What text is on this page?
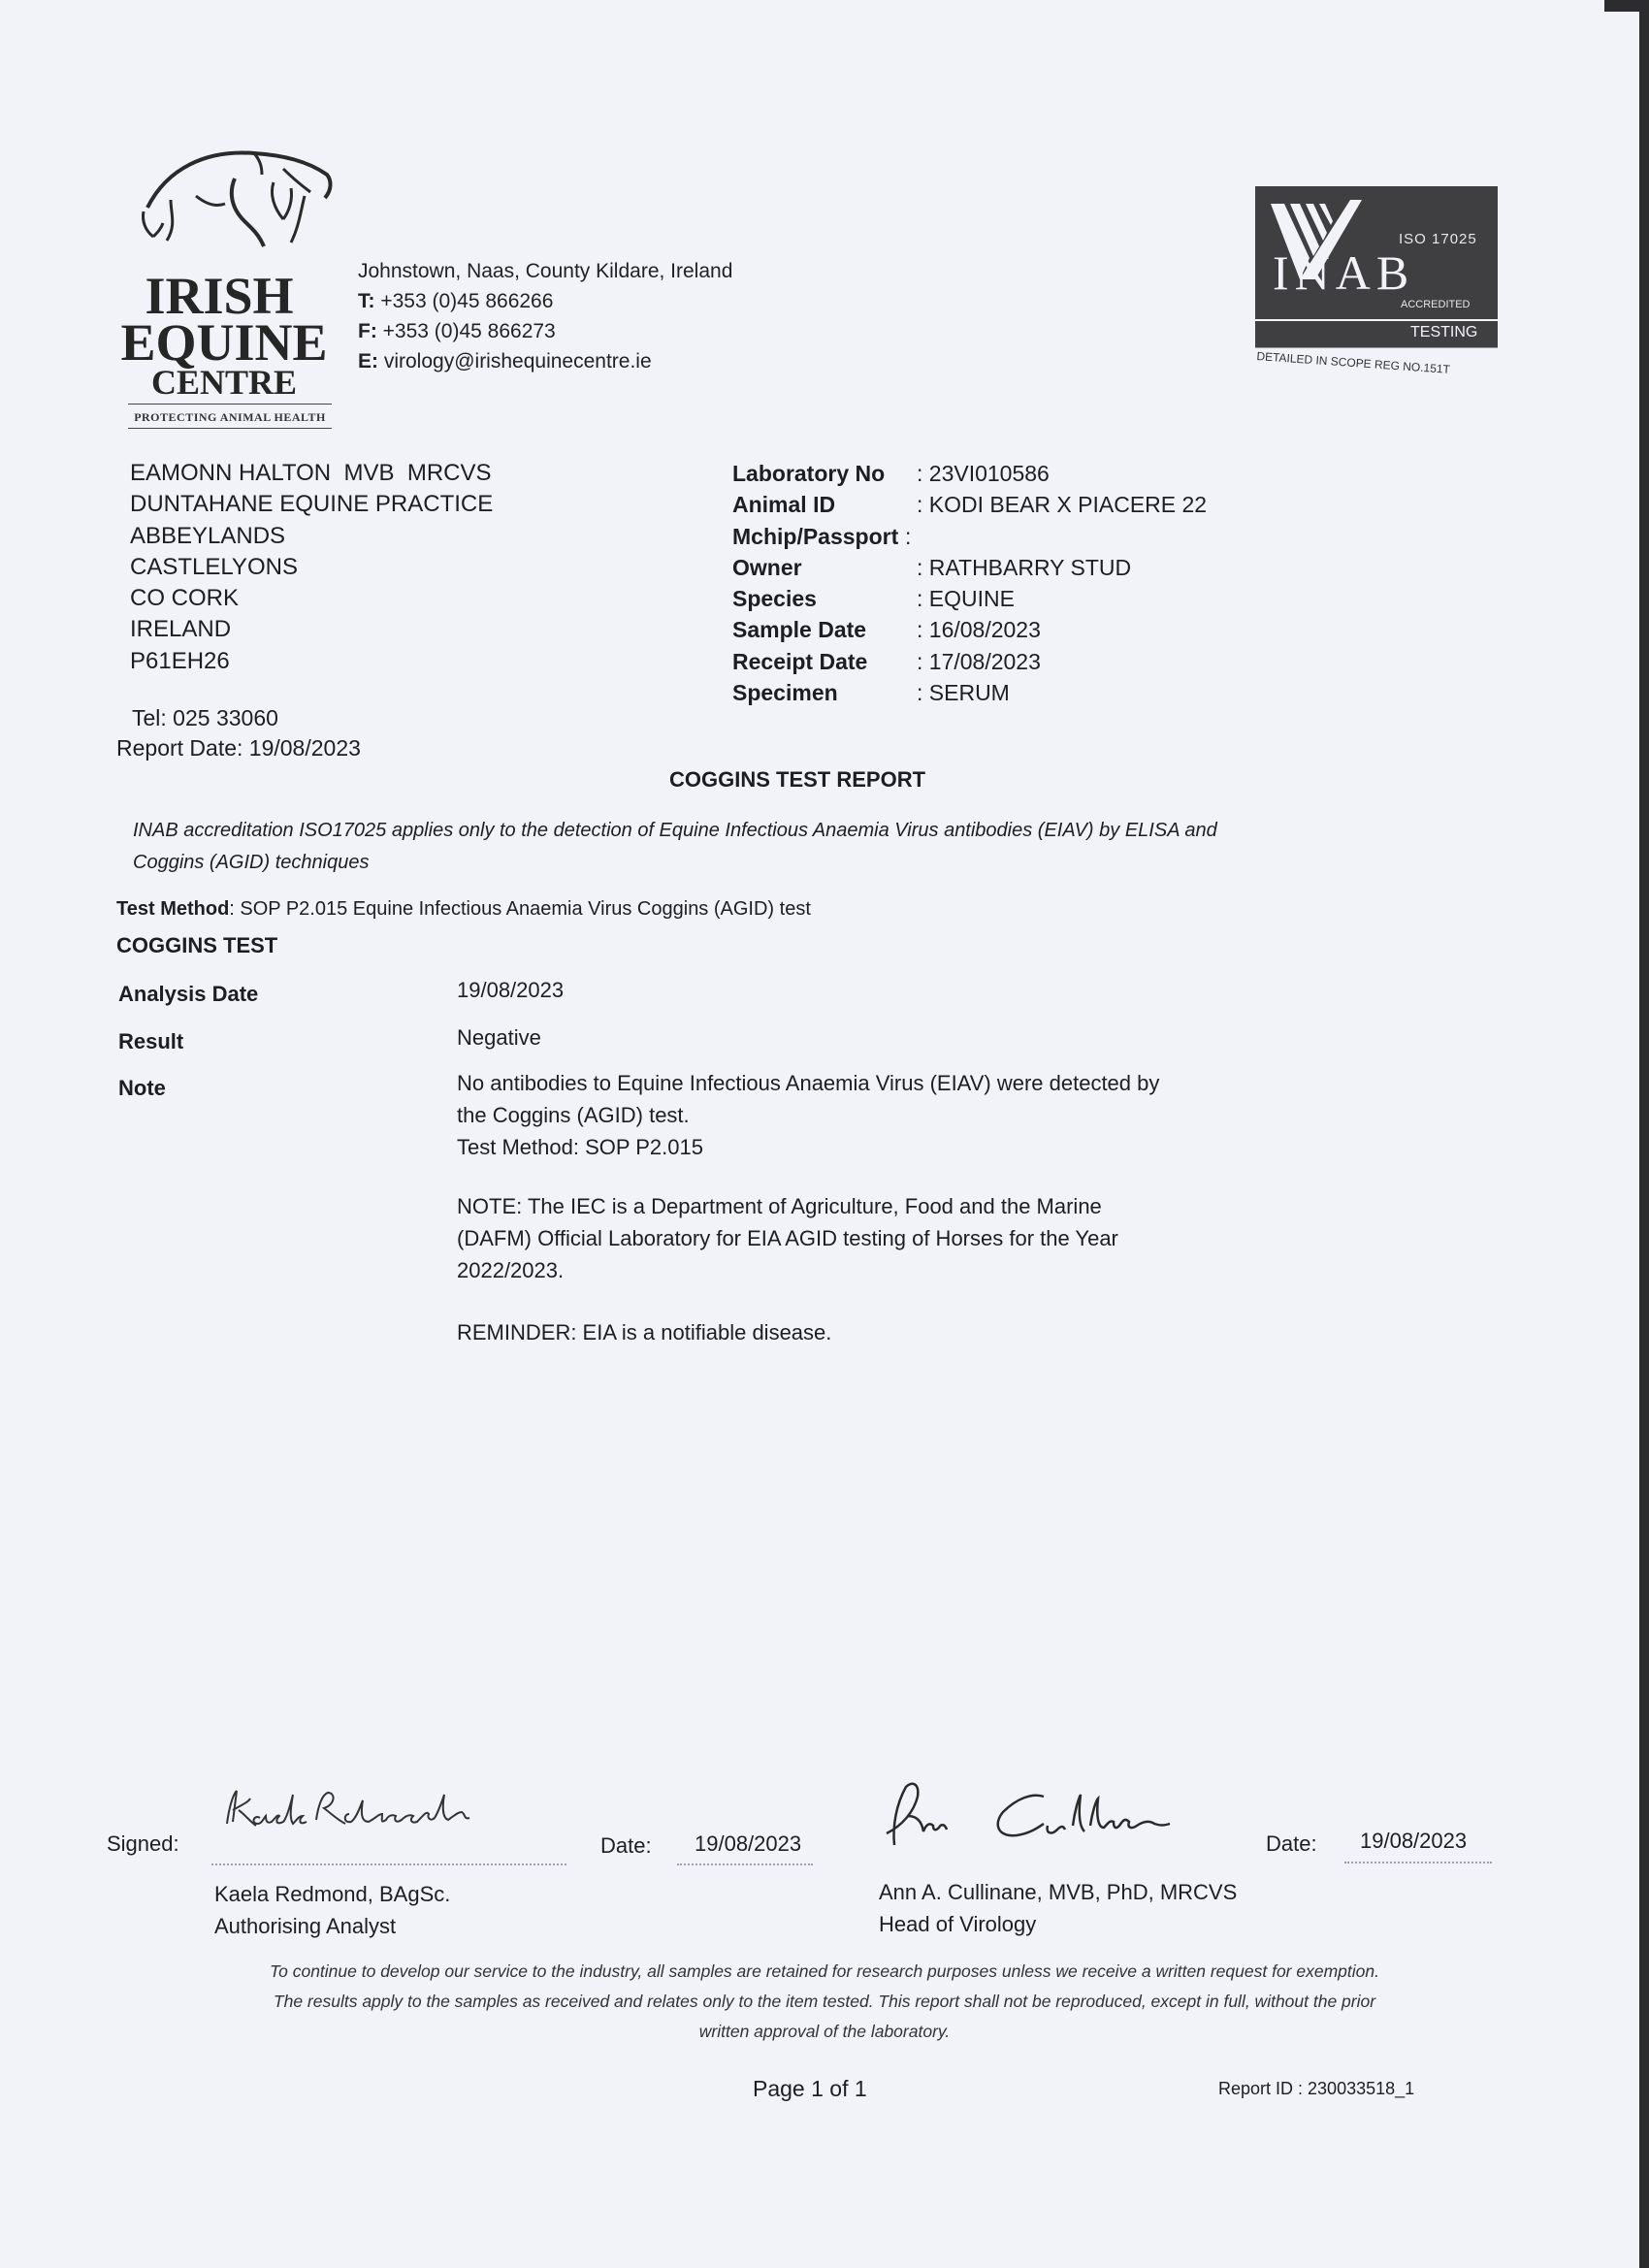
IRISH
EQUINE
CENTRE
PROTECTING ANIMAL HEALTH
Johnstown, Naas, County Kildare, Ireland
T: +353 (0)45 866266
F: +353 (0)45 866273
E: virology@irishequinecentre.ie
ISO 17025
INAB
ACCREDITED
TESTING
DETAILED IN SCOPE REG NO.151T
EAMONN HALTON  MVB  MRCVS
DUNTAHANE EQUINE PRACTICE
ABBEYLANDS
CASTLELYONS
CO CORK
IRELAND
P61EH26
Laboratory No	: 23VI010586
Animal ID	: KODI BEAR X PIACERE 22
Mchip/Passport :
Owner	: RATHBARRY STUD
Species	: EQUINE
Sample Date	: 16/08/2023
Receipt Date	: 17/08/2023
Specimen	: SERUM
Tel: 025 33060
Report Date: 19/08/2023
COGGINS TEST REPORT
INAB accreditation ISO17025 applies only to the detection of Equine Infectious Anaemia Virus antibodies (EIAV) by ELISA and
Coggins (AGID) techniques
Test Method: SOP P2.015 Equine Infectious Anaemia Virus Coggins (AGID) test
COGGINS TEST
Analysis Date	19/08/2023
Result	Negative
Note	No antibodies to Equine Infectious Anaemia Virus (EIAV) were detected by
the Coggins (AGID) test.
Test Method: SOP P2.015
NOTE: The IEC is a Department of Agriculture, Food and the Marine
(DAFM) Official Laboratory for EIA AGID testing of Horses for the Year
2022/2023.
REMINDER: EIA is a notifiable disease.
Signed:
Kaela Redmond, BAgSc.
Authorising Analyst
Date: 19/08/2023
Ann A. Cullinane, MVB, PhD, MRCVS
Head of Virology
Date: 19/08/2023
To continue to develop our service to the industry, all samples are retained for research purposes unless we receive a written request for exemption.
The results apply to the samples as received and relates only to the item tested. This report shall not be reproduced, except in full, without the prior
written approval of the laboratory.
Page 1 of 1	Report ID : 230033518_1
